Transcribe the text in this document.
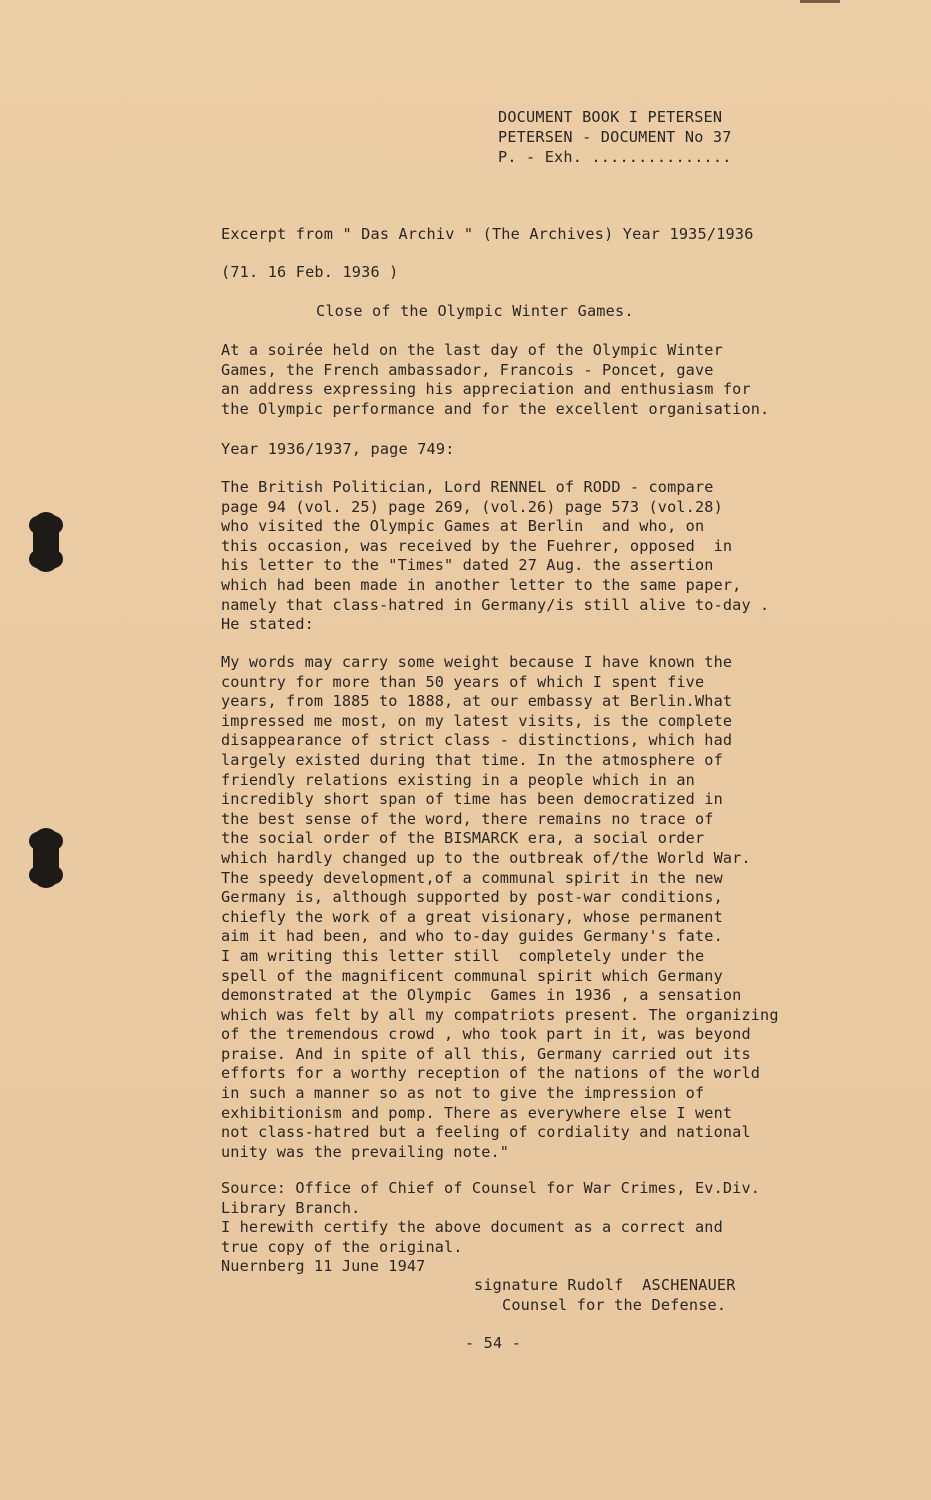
DOCUMENT BOOK I PETERSEN
PETERSEN - DOCUMENT No 37
P. - Exh. ...............
Excerpt from " Das Archiv " (The Archives) Year 1935/1936
(71. 16 Feb. 1936 )
Close of the Olympic Winter Games.
At a soirée held on the last day of the Olympic Winter
Games, the French ambassador, Francois - Poncet, gave
an address expressing his appreciation and enthusiasm for
the Olympic performance and for the excellent organisation.
Year 1936/1937, page 749:
The British Politician, Lord RENNEL of RODD - compare
page 94 (vol. 25) page 269, (vol.26) page 573 (vol.28)
who visited the Olympic Games at Berlin  and who, on
this occasion, was received by the Fuehrer, opposed  in
his letter to the "Times" dated 27 Aug. the assertion
which had been made in another letter to the same paper,
namely that class-hatred in Germany/is still alive to-day .
He stated:
My words may carry some weight because I have known the
country for more than 50 years of which I spent five
years, from 1885 to 1888, at our embassy at Berlin.What
impressed me most, on my latest visits, is the complete
disappearance of strict class - distinctions, which had
largely existed during that time. In the atmosphere of
friendly relations existing in a people which in an
incredibly short span of time has been democratized in
the best sense of the word, there remains no trace of
the social order of the BISMARCK era, a social order
which hardly changed up to the outbreak of/the World War.
The speedy development,of a communal spirit in the new
Germany is, although supported by post-war conditions,
chiefly the work of a great visionary, whose permanent
aim it had been, and who to-day guides Germany's fate.
I am writing this letter still  completely under the
spell of the magnificent communal spirit which Germany
demonstrated at the Olympic  Games in 1936 , a sensation
which was felt by all my compatriots present. The organizing
of the tremendous crowd , who took part in it, was beyond
praise. And in spite of all this, Germany carried out its
efforts for a worthy reception of the nations of the world
in such a manner so as not to give the impression of
exhibitionism and pomp. There as everywhere else I went
not class-hatred but a feeling of cordiality and national
unity was the prevailing note."
Source: Office of Chief of Counsel for War Crimes, Ev.Div.
Library Branch.
I herewith certify the above document as a correct and
true copy of the original.
Nuernberg 11 June 1947
signature Rudolf  ASCHENAUER
Counsel for the Defense.
- 54 -
